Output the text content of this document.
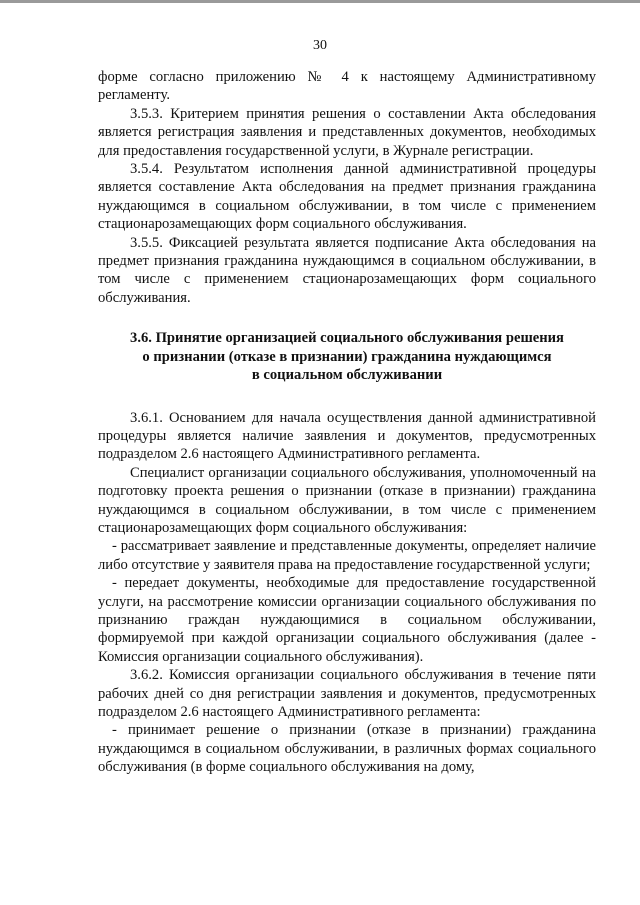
30

форме согласно приложению № 4 к настоящему Административному регламенту.

3.5.3. Критерием принятия решения о составлении Акта обследования является регистрация заявления и представленных документов, необходимых для предоставления государственной услуги, в Журнале регистрации.

3.5.4. Результатом исполнения данной административной процедуры является составление Акта обследования на предмет признания гражданина нуждающимся в социальном обслуживании, в том числе с применением стационарозамещающих форм социального обслуживания.

3.5.5. Фиксацией результата является подписание Акта обследования на предмет признания гражданина нуждающимся в социальном обслуживании, в том числе с применением стационарозамещающих форм социального обслуживания.

3.6. Принятие организацией социального обслуживания решения
о признании (отказе в признании) гражданина нуждающимся
в социальном обслуживании

3.6.1. Основанием для начала осуществления данной административной процедуры является наличие заявления и документов, предусмотренных подразделом 2.6 настоящего Административного регламента.

Специалист организации социального обслуживания, уполномоченный на подготовку проекта решения о признании (отказе в признании) гражданина нуждающимся в социальном обслуживании, в том числе с применением стационарозамещающих форм социального обслуживания:

- рассматривает заявление и представленные документы, определяет наличие либо отсутствие у заявителя права на предоставление государственной услуги;

- передает документы, необходимые для предоставление государственной услуги, на рассмотрение комиссии организации социального обслуживания по признанию граждан нуждающимися в социальном обслуживании, формируемой при каждой организации социального обслуживания (далее - Комиссия организации социального обслуживания).

3.6.2. Комиссия организации социального обслуживания в течение пяти рабочих дней со дня регистрации заявления и документов, предусмотренных подразделом 2.6 настоящего Административного регламента:

- принимает решение о признании (отказе в признании) гражданина нуждающимся в социальном обслуживании, в различных формах социального обслуживания (в форме социального обслуживания на дому,
